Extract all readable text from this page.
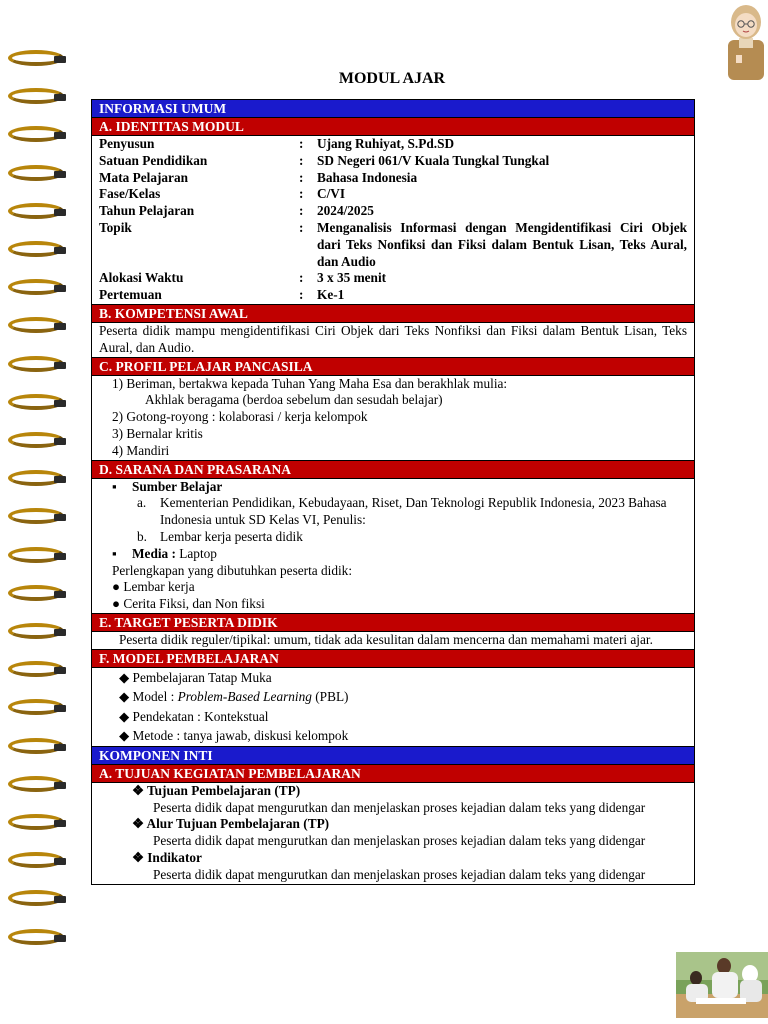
MODUL AJAR
INFORMASI UMUM
A. IDENTITAS MODUL
Penyusun	:	Ujang Ruhiyat, S.Pd.SD
Satuan Pendidikan	:	SD Negeri 061/V Kuala Tungkal Tungkal
Mata Pelajaran	:	Bahasa Indonesia
Fase/Kelas	:	C/VI
Tahun Pelajaran	:	2024/2025
Topik	:	Menganalisis Informasi dengan Mengidentifikasi Ciri Objek dari Teks Nonfiksi dan Fiksi dalam Bentuk Lisan, Teks Aural, dan Audio
Alokasi Waktu	:	3 x 35 menit
Pertemuan	:	Ke-1
B. KOMPETENSI AWAL
Peserta didik mampu mengidentifikasi Ciri Objek dari Teks Nonfiksi dan Fiksi dalam Bentuk Lisan, Teks Aural, dan Audio.
C. PROFIL PELAJAR PANCASILA
1) Beriman, bertakwa kepada Tuhan Yang Maha Esa dan berakhlak mulia:
Akhlak beragama (berdoa sebelum dan sesudah belajar)
2) Gotong-royong : kolaborasi / kerja kelompok
3) Bernalar kritis
4) Mandiri
D. SARANA DAN PRASARANA
▪ Sumber Belajar
a.	Kementerian Pendidikan, Kebudayaan, Riset, Dan Teknologi Republik Indonesia, 2023 Bahasa Indonesia untuk SD Kelas VI, Penulis:
b. Lembar kerja peserta didik
▪ Media : Laptop
Perlengkapan yang dibutuhkan peserta didik:
● Lembar kerja
● Cerita Fiksi, dan Non fiksi
E. TARGET PESERTA DIDIK
Peserta didik reguler/tipikal: umum, tidak ada kesulitan dalam mencerna dan memahami materi ajar.
F. MODEL PEMBELAJARAN
◆ Pembelajaran Tatap Muka
◆ Model : Problem-Based Learning (PBL)
◆ Pendekatan : Kontekstual
◆ Metode : tanya jawab, diskusi kelompok
KOMPONEN INTI
A. TUJUAN KEGIATAN PEMBELAJARAN
❖ Tujuan Pembelajaran (TP)
Peserta didik dapat mengurutkan dan menjelaskan proses kejadian dalam teks yang didengar
❖ Alur Tujuan Pembelajaran (TP)
Peserta didik dapat mengurutkan dan menjelaskan proses kejadian dalam teks yang didengar
❖ Indikator
Peserta didik dapat mengurutkan dan menjelaskan proses kejadian dalam teks yang didengar
